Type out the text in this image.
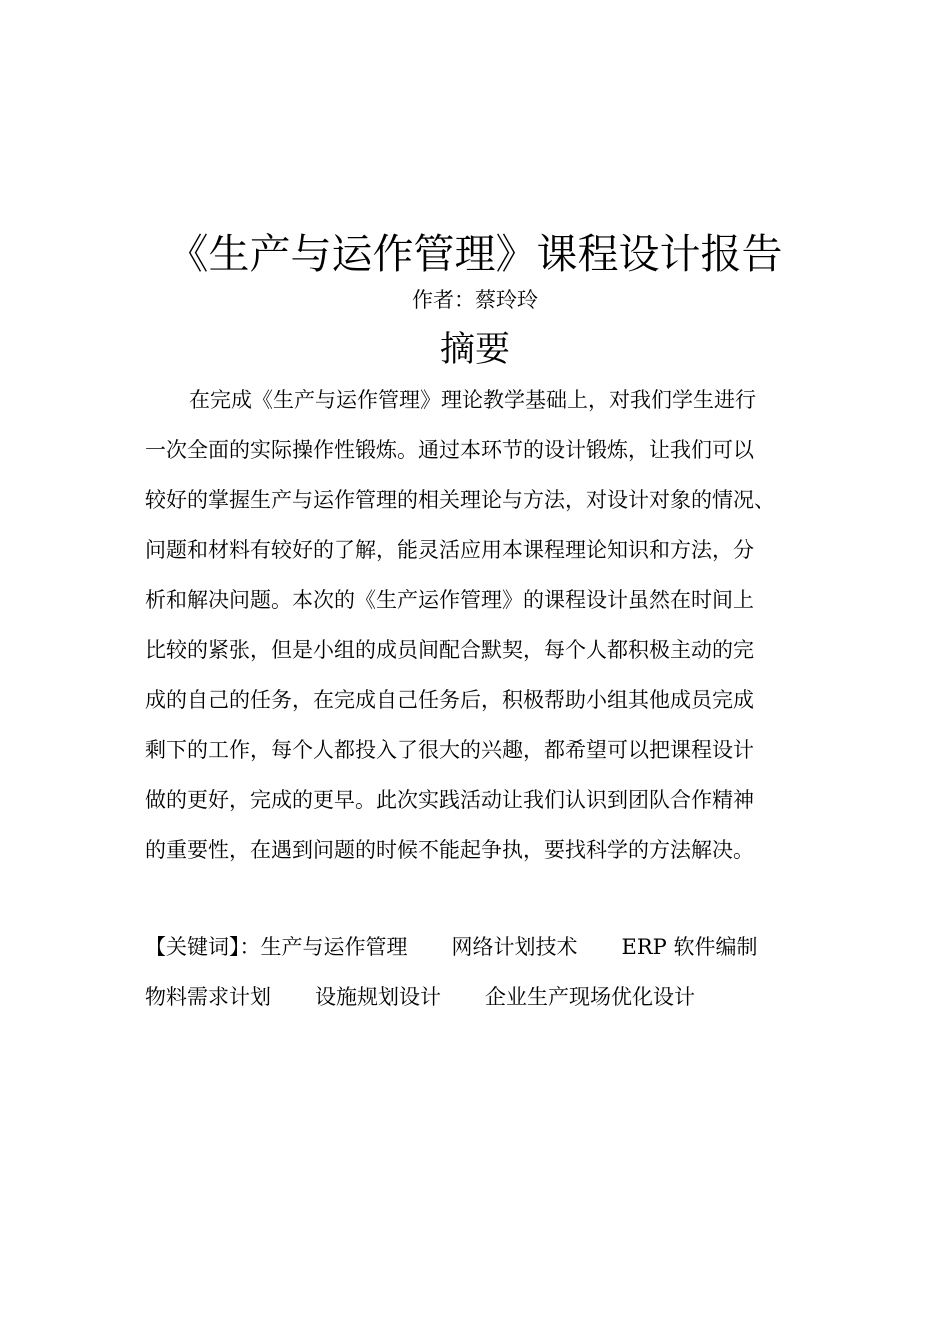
《生产与运作管理》课程设计报告
作者：蔡玲玲
摘要
在完成《生产与运作管理》理论教学基础上，对我们学生进行
一次全面的实际操作性锻炼。通过本环节的设计锻炼，让我们可以
较好的掌握生产与运作管理的相关理论与方法，对设计对象的情况、
问题和材料有较好的了解，能灵活应用本课程理论知识和方法，分
析和解决问题。本次的《生产运作管理》的课程设计虽然在时间上
比较的紧张，但是小组的成员间配合默契，每个人都积极主动的完
成的自己的任务，在完成自己任务后，积极帮助小组其他成员完成
剩下的工作，每个人都投入了很大的兴趣，都希望可以把课程设计
做的更好，完成的更早。此次实践活动让我们认识到团队合作精神
的重要性，在遇到问题的时候不能起争执，要找科学的方法解决。
【关键词】：生产与运作管理 网络计划技术 ERP 软件编制
物料需求计划 设施规划设计 企业生产现场优化设计
